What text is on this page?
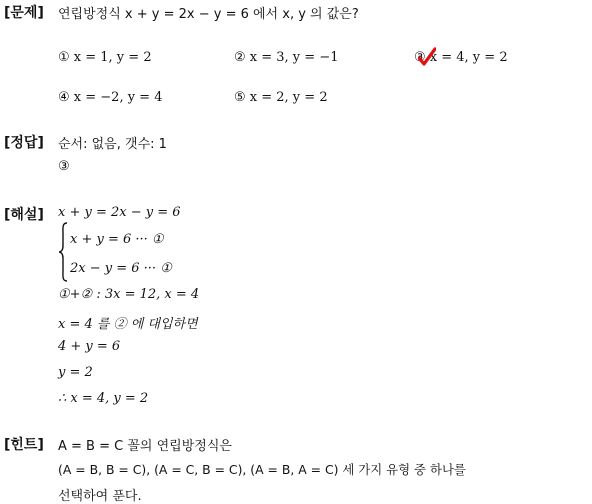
[문제] 연립방정식 x + y = 2x − y = 6 에서 x, y 의 값은?
① x = 1, y = 2	② x = 3, y = −1	③ x = 4, y = 2
④ x = −2, y = 4	⑤ x = 2, y = 2
[정답] 순서: 없음, 갯수: 1
③
[해설] x + y = 2x − y = 6
x + y = 6 ··· ①
2x − y = 6 ··· ①
①+② : 3x = 12, x = 4
x = 4 를 ② 에 대입하면
4 + y = 6
y = 2
∴ x = 4, y = 2
[힌트] A = B = C 꼴의 연립방정식은
(A = B, B = C), (A = C, B = C), (A = B, A = C) 세 가지 유형 중 하나를
선택하여 푼다.
